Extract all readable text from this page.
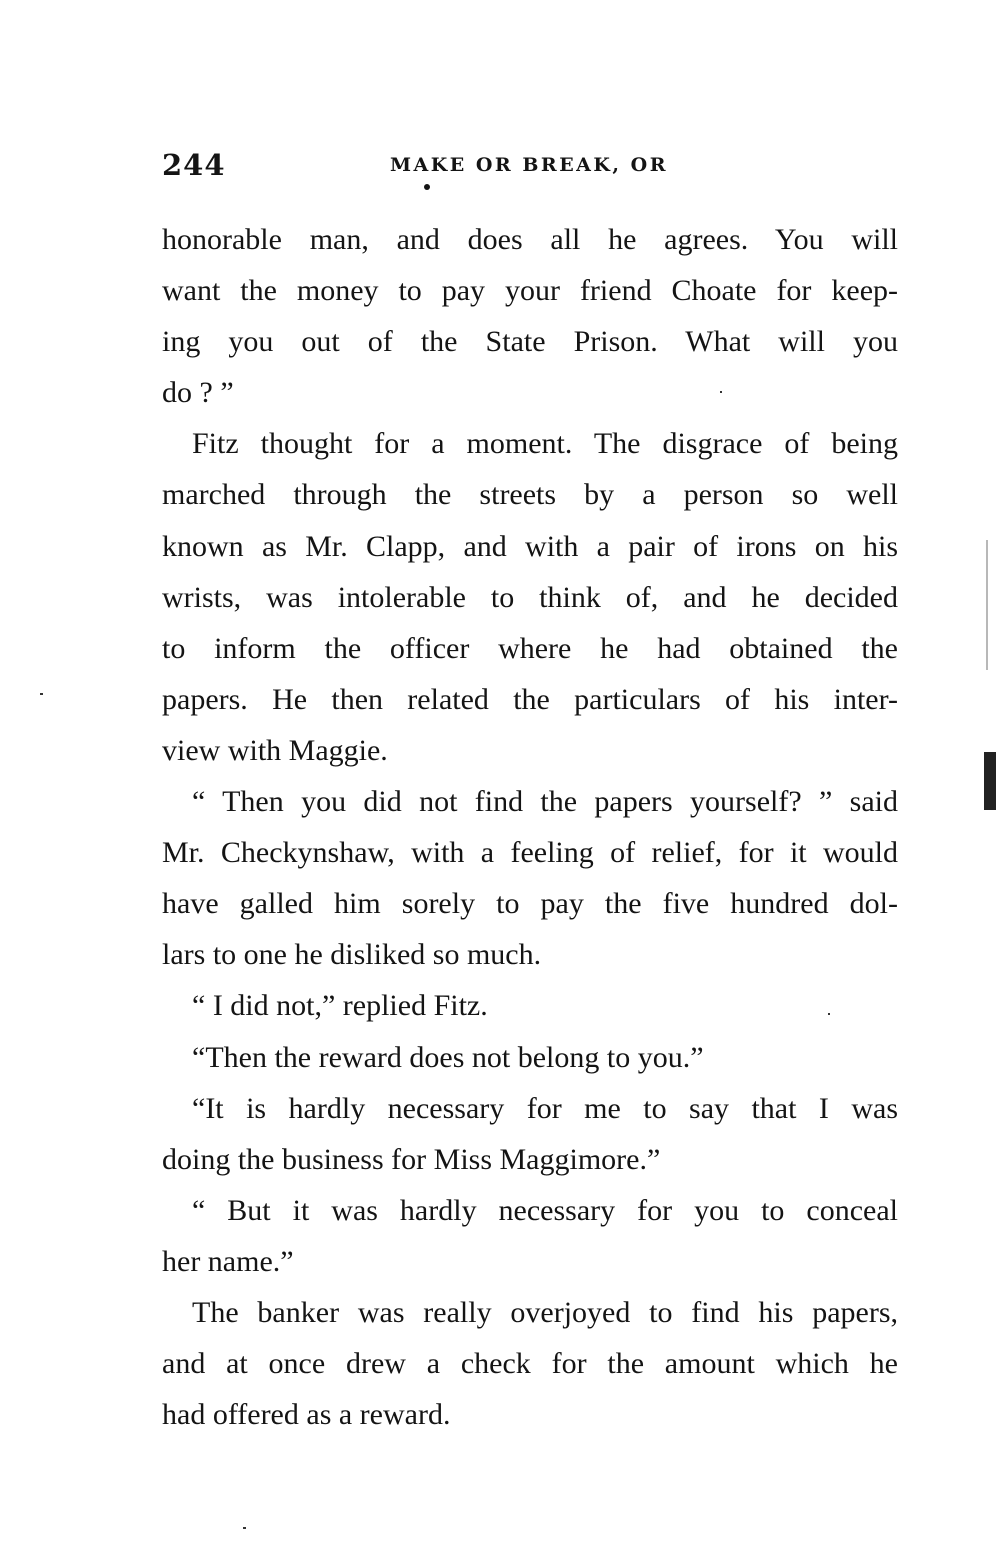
244	MAKE OR BREAK, OR
honorable man, and does all he agrees. You will
want the money to pay your friend Choate for keep-
ing you out of the State Prison. What will you
do ? ”
Fitz thought for a moment. The disgrace of being
marched through the streets by a person so well
known as Mr. Clapp, and with a pair of irons on his
wrists, was intolerable to think of, and he decided
to inform the officer where he had obtained the
papers. He then related the particulars of his inter-
view with Maggie.
“ Then you did not find the papers yourself? ” said
Mr. Checkynshaw, with a feeling of relief, for it would
have galled him sorely to pay the five hundred dol-
lars to one he disliked so much.
“ I did not,” replied Fitz.
“Then the reward does not belong to you.”
“It is hardly necessary for me to say that I was
doing the business for Miss Maggimore.”
“ But it was hardly necessary for you to conceal
her name.”
The banker was really overjoyed to find his papers,
and at once drew a check for the amount which he
had offered as a reward.
